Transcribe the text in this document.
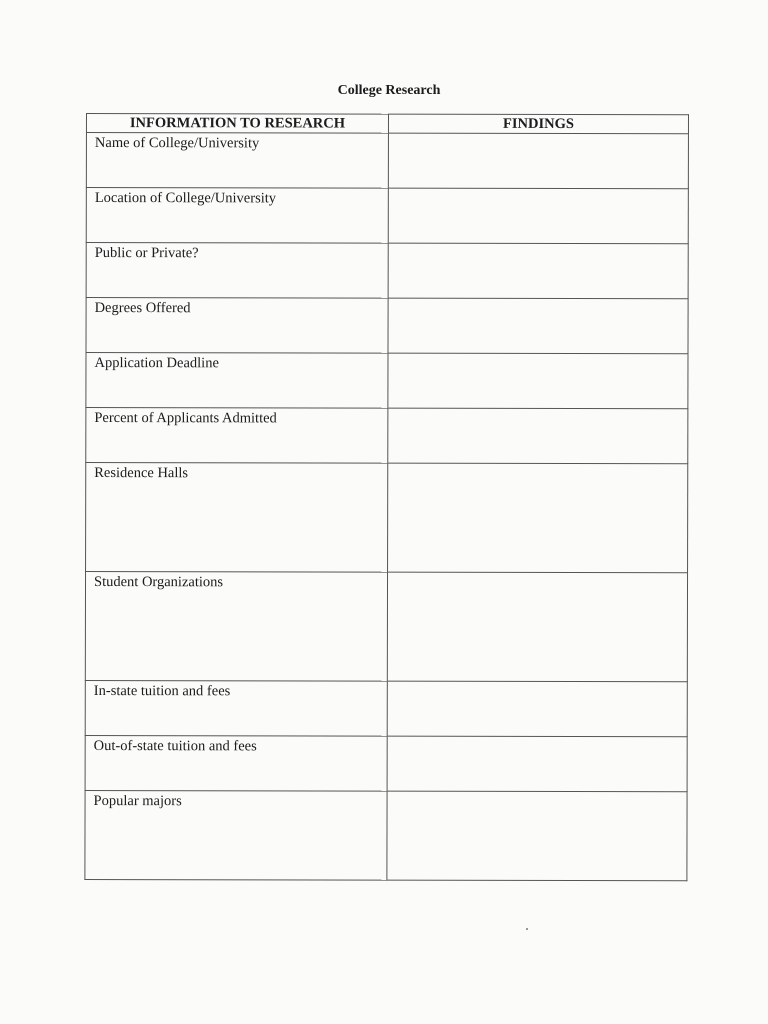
College Research
INFORMATION TO RESEARCH	FINDINGS
Name of College/University	
Location of College/University	
Public or Private?	
Degrees Offered	
Application Deadline	
Percent of Applicants Admitted	
Residence Halls	
Student Organizations	
In-state tuition and fees	
Out-of-state tuition and fees	
Popular majors	
